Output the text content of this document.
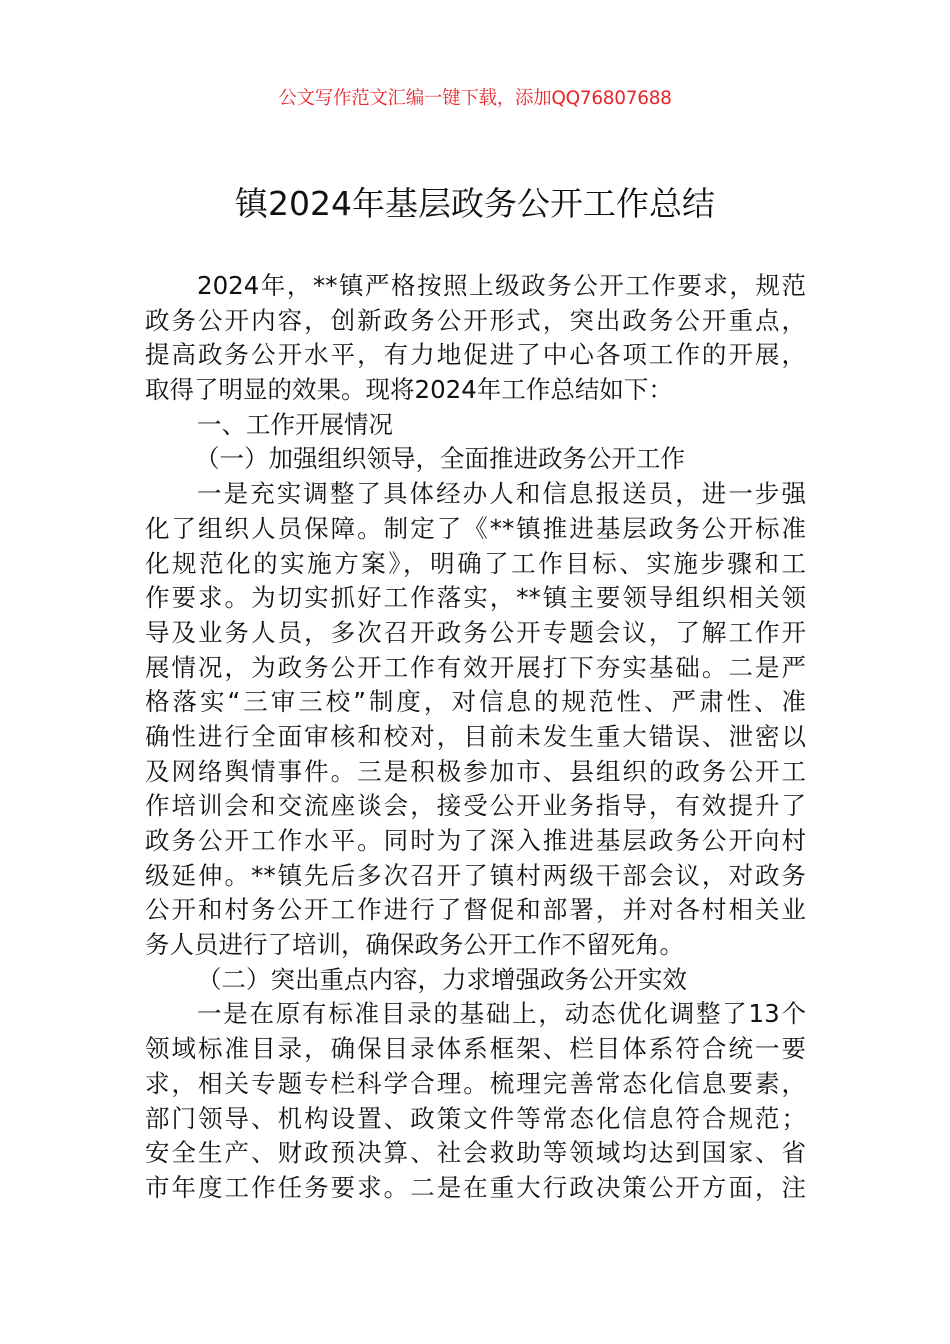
公文写作范文汇编一键下载，添加QQ76807688
镇2024年基层政务公开工作总结
2024年，**镇严格按照上级政务公开工作要求，规范
政务公开内容，创新政务公开形式，突出政务公开重点，
提高政务公开水平，有力地促进了中心各项工作的开展，
取得了明显的效果。现将2024年工作总结如下：
一、工作开展情况
（一）加强组织领导，全面推进政务公开工作
一是充实调整了具体经办人和信息报送员，进一步强
化了组织人员保障。制定了《**镇推进基层政务公开标准
化规范化的实施方案》，明确了工作目标、实施步骤和工
作要求。为切实抓好工作落实，**镇主要领导组织相关领
导及业务人员，多次召开政务公开专题会议，了解工作开
展情况，为政务公开工作有效开展打下夯实基础。二是严
格落实“三审三校”制度，对信息的规范性、严肃性、准
确性进行全面审核和校对，目前未发生重大错误、泄密以
及网络舆情事件。三是积极参加市、县组织的政务公开工
作培训会和交流座谈会，接受公开业务指导，有效提升了
政务公开工作水平。同时为了深入推进基层政务公开向村
级延伸。**镇先后多次召开了镇村两级干部会议，对政务
公开和村务公开工作进行了督促和部署，并对各村相关业
务人员进行了培训，确保政务公开工作不留死角。
（二）突出重点内容，力求增强政务公开实效
一是在原有标准目录的基础上，动态优化调整了13个
领域标准目录，确保目录体系框架、栏目体系符合统一要
求，相关专题专栏科学合理。梳理完善常态化信息要素，
部门领导、机构设置、政策文件等常态化信息符合规范；
安全生产、财政预决算、社会救助等领域均达到国家、省
市年度工作任务要求。二是在重大行政决策公开方面，注
